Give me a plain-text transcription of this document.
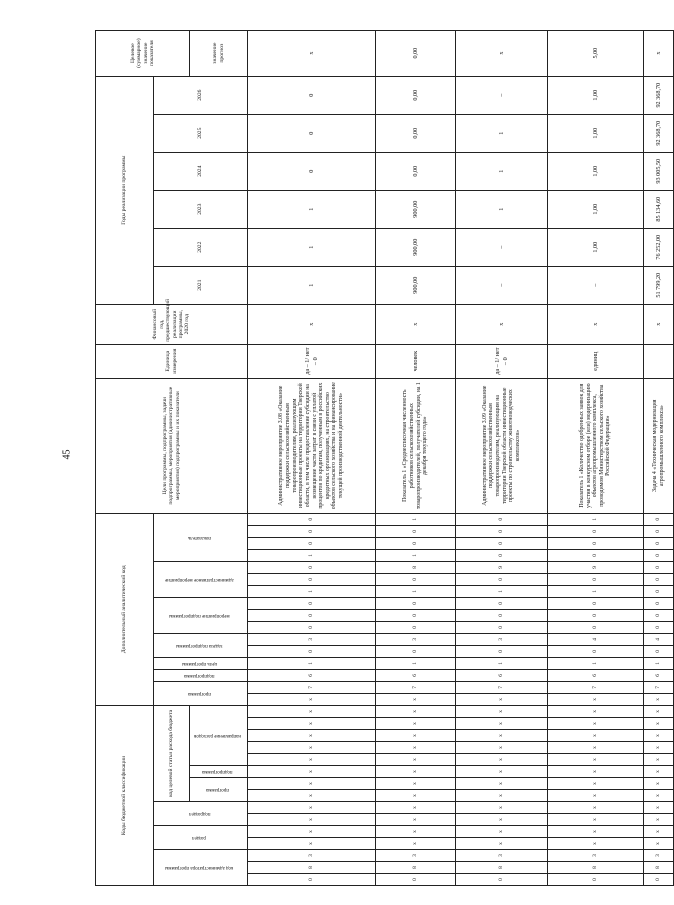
45
Коды бюджетной классификации															Дополнительный аналитический код																Цели программы, подпрограммы, задачи подпрограммы, мероприятия (административные мероприятия) подпрограммы и их показатели	Единица измерения	Финансовый год, предшествующий реализации программы, 2020 год	Годы реализации программы						Целевое (суммарное) значение показателя
код администратора программы			раздел		подраздел		код целевой статьи расхода бюджета								программа		подпрограмма	цель программы	задача подпрограммы		мероприятие подпрограммы			административное мероприятие			показатель							2021	2022	2023	2024	2025	2026	
							программа		подпрограмма	направление расходов																														значение прогноз
0	8	3	x	x	x	x	x	x	x	x	x	x	x	x	x	7	6	1	0	3	0	0	0	1	0	0	1	0	0	0	Административное мероприятие 3.08 «Оказание поддержки сельскохозяйственным товаропроизводителям, реализующим инвестиционные проекты на территории Тверской области, в том числе предоставление субсидии на возмещение части затрат в связи с уплатой процентов по кредитам, полученным в российских кредитных организациях, на строительство объектов сельского хозяйства и на финансирование текущей производственной деятельности»	да – 1/ нет – 0	x	1	1	1	0	0	0	x
0	8	3	x	x	x	x	x	x	x	x	x	x	x	x	x	7	6	1	0	3	0	0	0	1	0	8	1	0	0	1	Показатель 1 «Среднесписочная численность работников сельскохозяйственных товаропроизводителей, получателей субсидии, на 1 декабря текущего года»	человек	x	900,00	900,00	900,00	0,00	0,00	0,00	0,00
0	8	3	x	x	x	x	x	x	x	x	x	x	x	x	x	7	6	1	0	3	0	0	0	1	0	9	0	0	0	0	Административное мероприятие 3.09 «Оказание поддержки сельскохозяйственным товаропроизводителям, реализующим на территории Тверской области инвестиционные проекты по строительству животноводческих комплексов»	да – 1/ нет – 0	x	–	–	1	1	1	–	x
0	8	3	x	x	x	x	x	x	x	x	x	x	x	x	x	7	6	1	0	4	0	0	0	1	0	9	0	0	0	1	Показатель 1 «Количество одобренных заявок для участия в конкурсном отборе (или) модернизацию объектов агропромышленного комплекса, проводимом Министерством сельского хозяйства Российской Федерации»	единиц	x	–	1,00	1,00	1,00	1,00	1,00	5,00
0	8	3	x	x	x	x	x	x	x	x	x	x	x	x	x	7	6	1	0	4	0	0	0	0	0	0	0	0	0	0	Задача 4 «Техническая модернизация агропромышленного комплекса»		x	51 799,20	76 252,00	85 134,60	93 005,50	92 368,70	92 368,70	x
